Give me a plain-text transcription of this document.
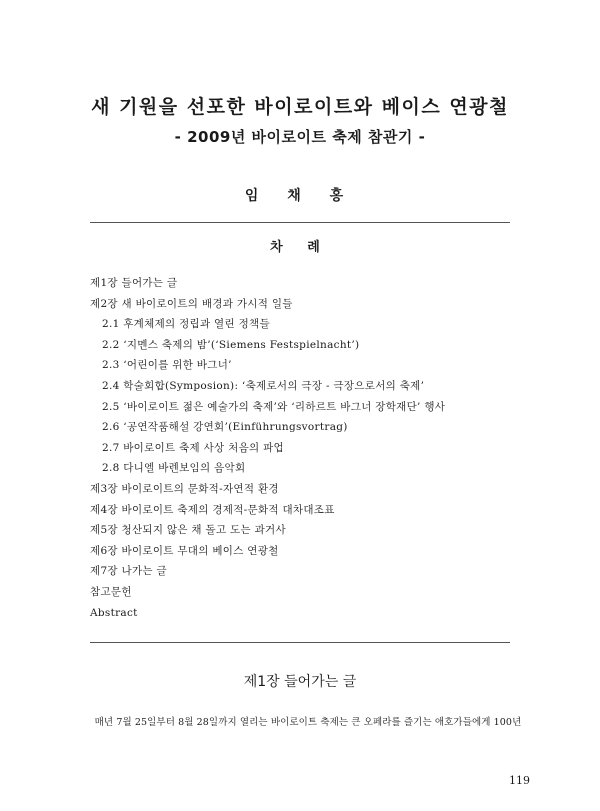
새 기원을 선포한 바이로이트와 베이스 연광철
- 2009년 바이로이트 축제 참관기 -
임 채 홍
차 례
제1장 들어가는 글
제2장 새 바이로이트의 배경과 가시적 일들
2.1 후계체제의 정립과 열린 정책들
2.2 ‘지멘스 축제의 밤’(‘Siemens Festspielnacht’)
2.3 ‘어린이를 위한 바그너’
2.4 학술회합(Symposion): ‘축제로서의 극장 - 극장으로서의 축제’
2.5 ‘바이로이트 젊은 예술가의 축제’와 ‘리하르트 바그너 장학재단’ 행사
2.6 ‘공연작품해설 강연회’(Einführungsvortrag)
2.7 바이로이트 축제 사상 처음의 파업
2.8 다니엘 바렌보임의 음악회
제3장 바이로이트의 문화적-자연적 환경
제4장 바이로이트 축제의 경제적-문화적 대차대조표
제5장 청산되지 않은 채 돌고 도는 과거사
제6장 바이로이트 무대의 베이스 연광철
제7장 나가는 글
참고문헌
Abstract
제1장 들어가는 글
매년 7월 25일부터 8월 28일까지 열리는 바이로이트 축제는 큰 오페라를 즐기는 애호가들에게 100년
119
